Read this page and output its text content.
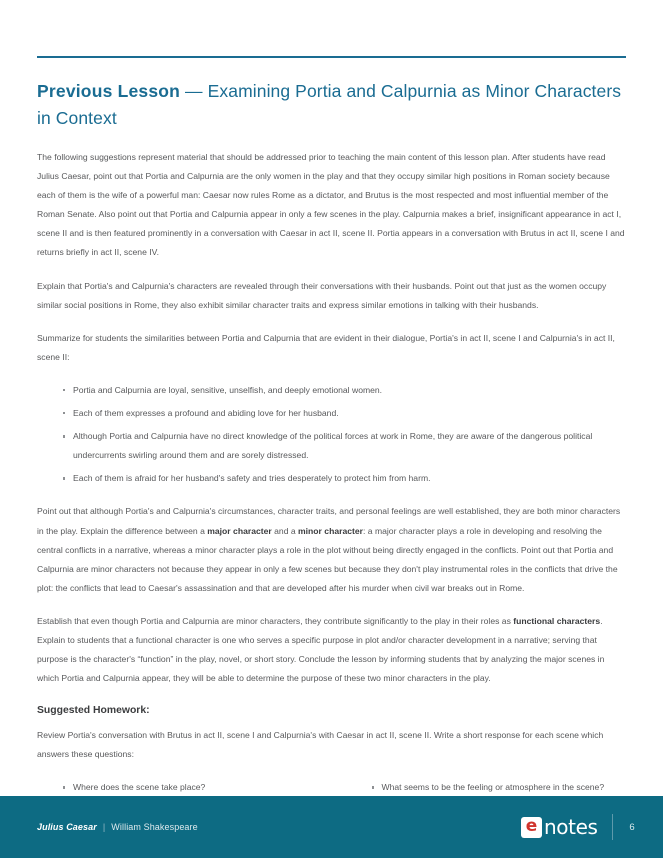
Previous Lesson — Examining Portia and Calpurnia as Minor Characters in Context

The following suggestions represent material that should be addressed prior to teaching the main content of this lesson plan. After students have read Julius Caesar, point out that Portia and Calpurnia are the only women in the play and that they occupy similar high positions in Roman society because each of them is the wife of a powerful man: Caesar now rules Rome as a dictator, and Brutus is the most respected and most influential member of the Roman Senate. Also point out that Portia and Calpurnia appear in only a few scenes in the play. Calpurnia makes a brief, insignificant appearance in act I, scene II and is then featured prominently in a conversation with Caesar in act II, scene II. Portia appears in a conversation with Brutus in act II, scene I and returns briefly in act II, scene IV.

Explain that Portia's and Calpurnia's characters are revealed through their conversations with their husbands. Point out that just as the women occupy similar social positions in Rome, they also exhibit similar character traits and express similar emotions in talking with their husbands.

Summarize for students the similarities between Portia and Calpurnia that are evident in their dialogue, Portia's in act II, scene I and Calpurnia's in act II, scene II:

Portia and Calpurnia are loyal, sensitive, unselfish, and deeply emotional women.
Each of them expresses a profound and abiding love for her husband.
Although Portia and Calpurnia have no direct knowledge of the political forces at work in Rome, they are aware of the dangerous political undercurrents swirling around them and are sorely distressed.
Each of them is afraid for her husband's safety and tries desperately to protect him from harm.

Point out that although Portia's and Calpurnia's circumstances, character traits, and personal feelings are well established, they are both minor characters in the play. Explain the difference between a major character and a minor character: a major character plays a role in developing and resolving the central conflicts in a narrative, whereas a minor character plays a role in the plot without being directly engaged in the conflicts. Point out that Portia and Calpurnia are minor characters not because they appear in only a few scenes but because they don't play instrumental roles in the conflicts that drive the plot: the conflicts that lead to Caesar's assassination and that are developed after his murder when civil war breaks out in Rome.

Establish that even though Portia and Calpurnia are minor characters, they contribute significantly to the play in their roles as functional characters. Explain to students that a functional character is one who serves a specific purpose in plot and/or character development in a narrative; serving that purpose is the character's “function” in the play, novel, or short story. Conclude the lesson by informing students that by analyzing the major scenes in which Portia and Calpurnia appear, they will be able to determine the purpose of these two minor characters in the play.

Suggested Homework:

Review Portia's conversation with Brutus in act II, scene I and Calpurnia's with Caesar in act II, scene II. Write a short response for each scene which answers these questions:

Where does the scene take place?	What seems to be the feeling or atmosphere in the scene?
Julius Caesar | William Shakespeare	e notes	6
